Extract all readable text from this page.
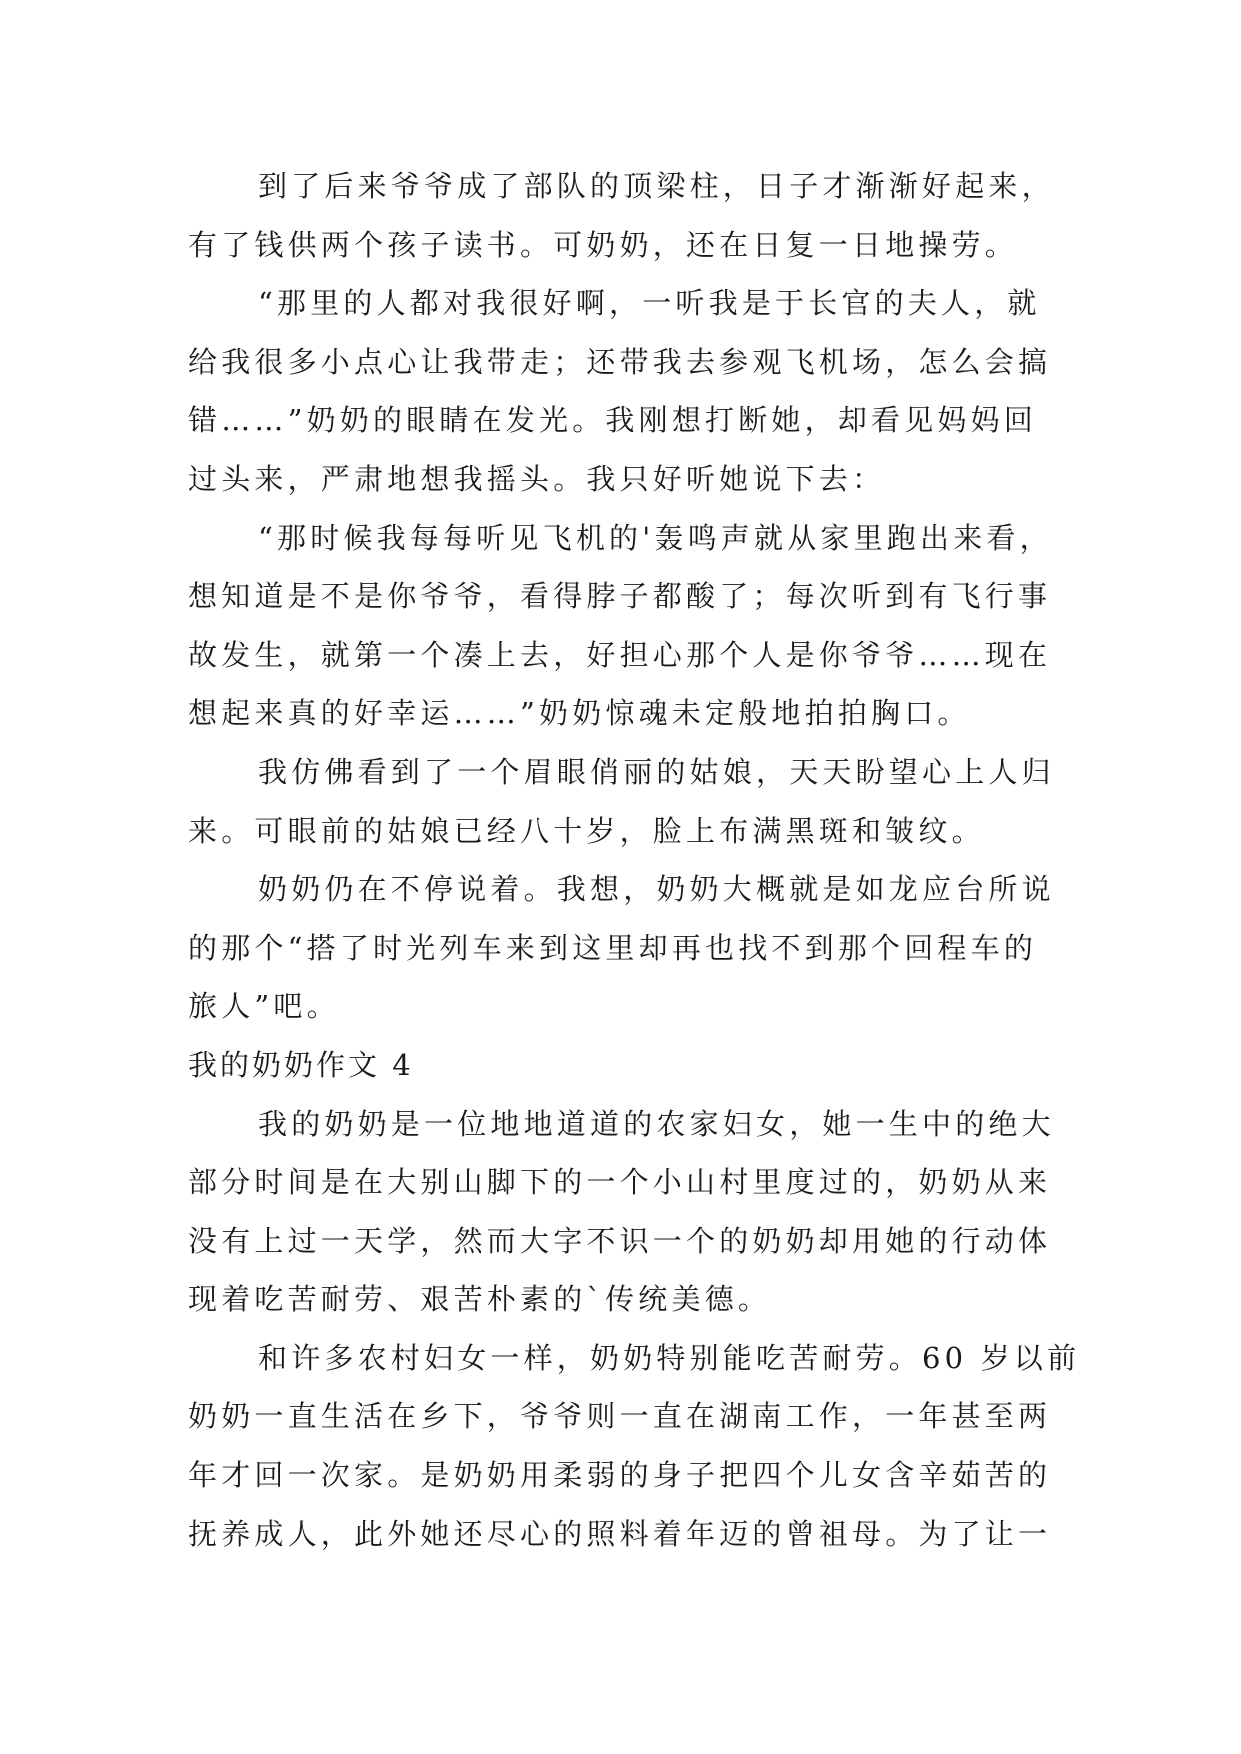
到了后来爷爷成了部队的顶梁柱，日子才渐渐好起来，
有了钱供两个孩子读书。可奶奶，还在日复一日地操劳。
“那里的人都对我很好啊，一听我是于长官的夫人，就
给我很多小点心让我带走；还带我去参观飞机场，怎么会搞
错……”奶奶的眼睛在发光。我刚想打断她，却看见妈妈回
过头来，严肃地想我摇头。我只好听她说下去：
“那时候我每每听见飞机的'轰鸣声就从家里跑出来看，
想知道是不是你爷爷，看得脖子都酸了；每次听到有飞行事
故发生，就第一个凑上去，好担心那个人是你爷爷……现在
想起来真的好幸运……”奶奶惊魂未定般地拍拍胸口。
我仿佛看到了一个眉眼俏丽的姑娘，天天盼望心上人归
来。可眼前的姑娘已经八十岁，脸上布满黑斑和皱纹。
奶奶仍在不停说着。我想，奶奶大概就是如龙应台所说
的那个“搭了时光列车来到这里却再也找不到那个回程车的
旅人”吧。
我的奶奶作文 4
我的奶奶是一位地地道道的农家妇女，她一生中的绝大
部分时间是在大别山脚下的一个小山村里度过的，奶奶从来
没有上过一天学，然而大字不识一个的奶奶却用她的行动体
现着吃苦耐劳、艰苦朴素的`传统美德。
和许多农村妇女一样，奶奶特别能吃苦耐劳。60 岁以前
奶奶一直生活在乡下，爷爷则一直在湖南工作，一年甚至两
年才回一次家。是奶奶用柔弱的身子把四个儿女含辛茹苦的
抚养成人，此外她还尽心的照料着年迈的曾祖母。为了让一
